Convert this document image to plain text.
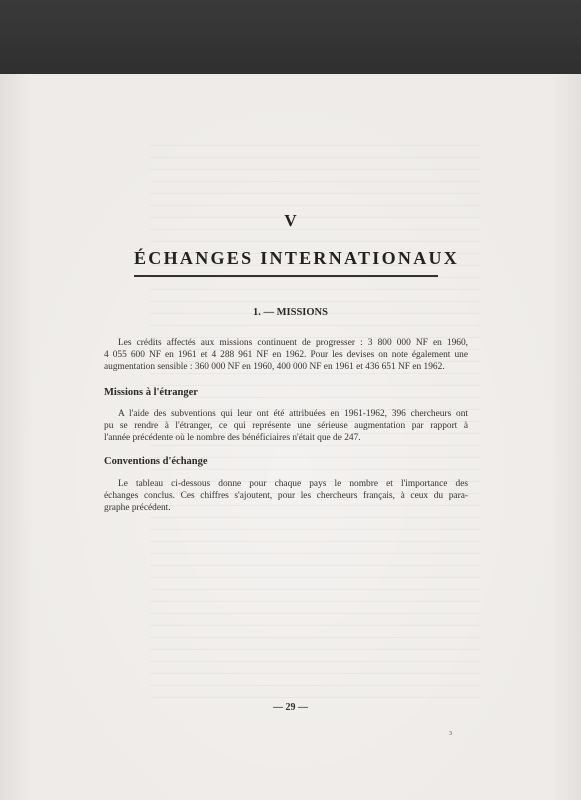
V
ÉCHANGES INTERNATIONAUX
1. — MISSIONS
Les crédits affectés aux missions continuent de progresser : 3 800 000 NF en 1960,
4 055 600 NF en 1961 et 4 288 961 NF en 1962. Pour les devises on note également une
augmentation sensible : 360 000 NF en 1960, 400 000 NF en 1961 et 436 651 NF en 1962.
Missions à l'étranger
A l'aide des subventions qui leur ont été attribuées en 1961-1962, 396 chercheurs ont
pu se rendre à l'étranger, ce qui représente une sérieuse augmentation par rapport à
l'année précédente où le nombre des bénéficiaires n'était que de 247.
Conventions d'échange
Le tableau ci-dessous donne pour chaque pays le nombre et l'importance des
échanges conclus. Ces chiffres s'ajoutent, pour les chercheurs français, à ceux du para-
graphe précédent.
— 29 —
3
